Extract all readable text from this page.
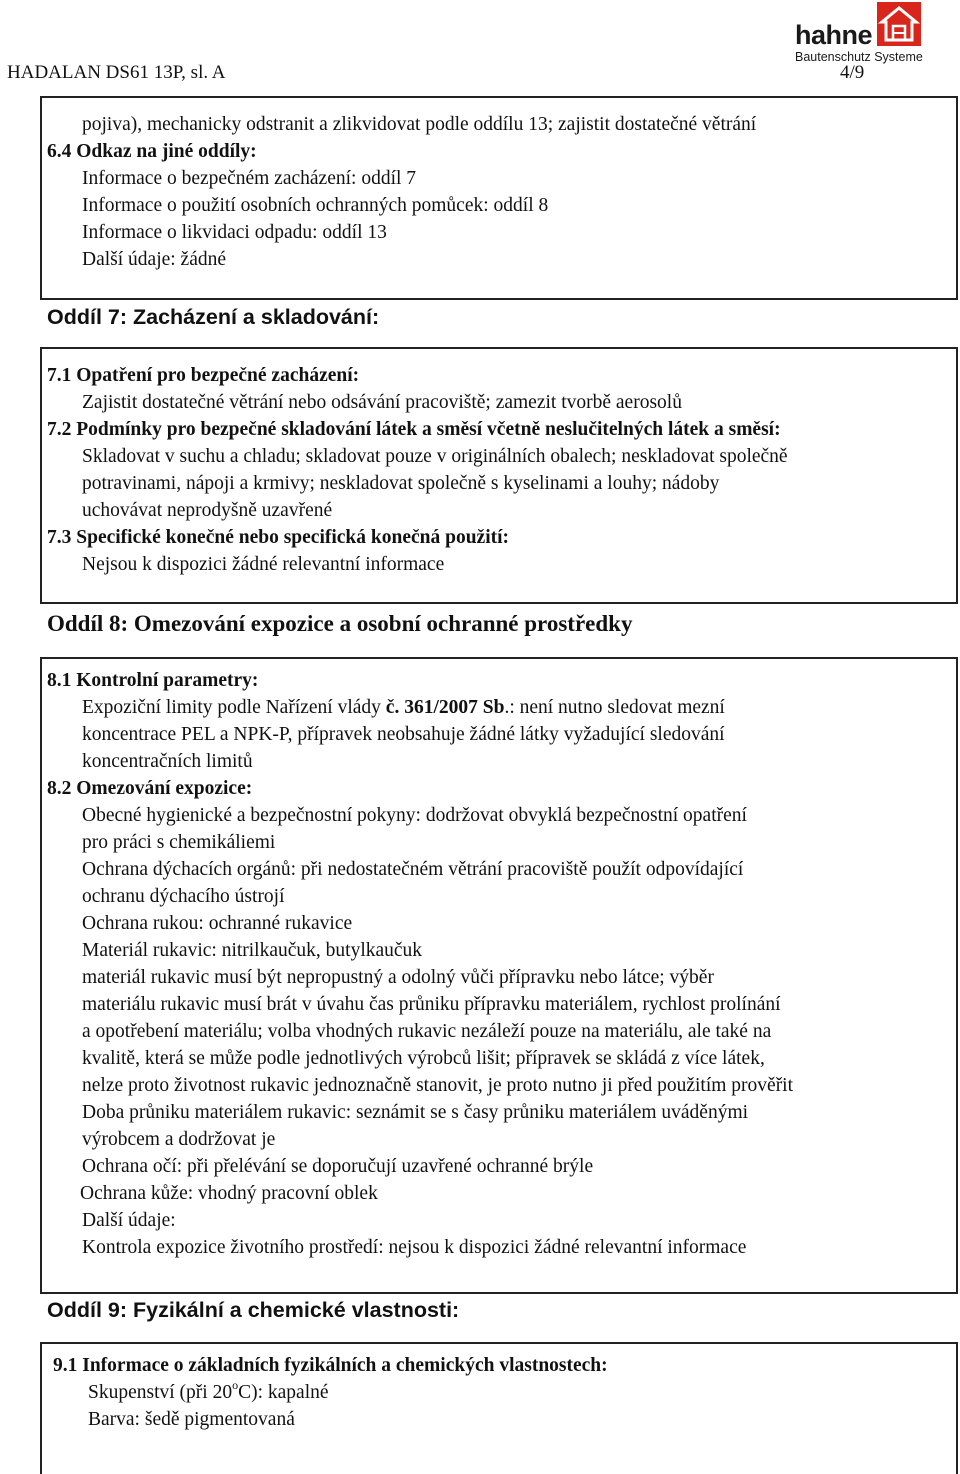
HADALAN DS61 13P, sl. A	4/9
hahne
Bautenschutz Systeme
pojiva), mechanicky odstranit a zlikvidovat podle oddílu 13; zajistit dostatečné větrání
6.4 Odkaz na jiné oddíly:
Informace o bezpečném zacházení: oddíl 7
Informace o použití osobních ochranných pomůcek: oddíl 8
Informace o likvidaci odpadu: oddíl 13
Další údaje: žádné
Oddíl 7: Zacházení a skladování:
7.1 Opatření pro bezpečné zacházení:
Zajistit dostatečné větrání nebo odsávání pracoviště; zamezit tvorbě aerosolů
7.2 Podmínky pro bezpečné skladování látek a směsí včetně neslučitelných látek a směsí:
Skladovat v suchu a chladu; skladovat pouze v originálních obalech; neskladovat společně
potravinami, nápoji a krmivy; neskladovat společně s kyselinami a louhy; nádoby
uchovávat neprodyšně uzavřené
7.3 Specifické konečné nebo specifická konečná použití:
Nejsou k dispozici žádné relevantní informace
Oddíl 8: Omezování expozice a osobní ochranné prostředky
8.1 Kontrolní parametry:
Expoziční limity podle Nařízení vlády č. 361/2007 Sb.: není nutno sledovat mezní
koncentrace PEL a NPK-P, přípravek neobsahuje žádné látky vyžadující sledování
koncentračních limitů
8.2 Omezování expozice:
Obecné hygienické a bezpečnostní pokyny: dodržovat obvyklá bezpečnostní opatření
pro práci s chemikáliemi
Ochrana dýchacích orgánů: při nedostatečném větrání pracoviště použít odpovídající
ochranu dýchacího ústrojí
Ochrana rukou: ochranné rukavice
Materiál rukavic: nitrilkaučuk, butylkaučuk
materiál rukavic musí být nepropustný a odolný vůči přípravku nebo látce; výběr
materiálu rukavic musí brát v úvahu čas průniku přípravku materiálem, rychlost prolínání
a opotřebení materiálu; volba vhodných rukavic nezáleží pouze na materiálu, ale také na
kvalitě, která se může podle jednotlivých výrobců lišit; přípravek se skládá z více látek,
nelze proto životnost rukavic jednoznačně stanovit, je proto nutno ji před použitím prověřit
Doba průniku materiálem rukavic: seznámit se s časy průniku materiálem uváděnými
výrobcem a dodržovat je
Ochrana očí: při přelévání se doporučují uzavřené ochranné brýle
Ochrana kůže: vhodný pracovní oblek
Další údaje:
Kontrola expozice životního prostředí: nejsou k dispozici žádné relevantní informace
Oddíl 9: Fyzikální a chemické vlastnosti:
9.1 Informace o základních fyzikálních a chemických vlastnostech:
Skupenství (při 20$^o$C): kapalné
Barva: šedě pigmentovaná
